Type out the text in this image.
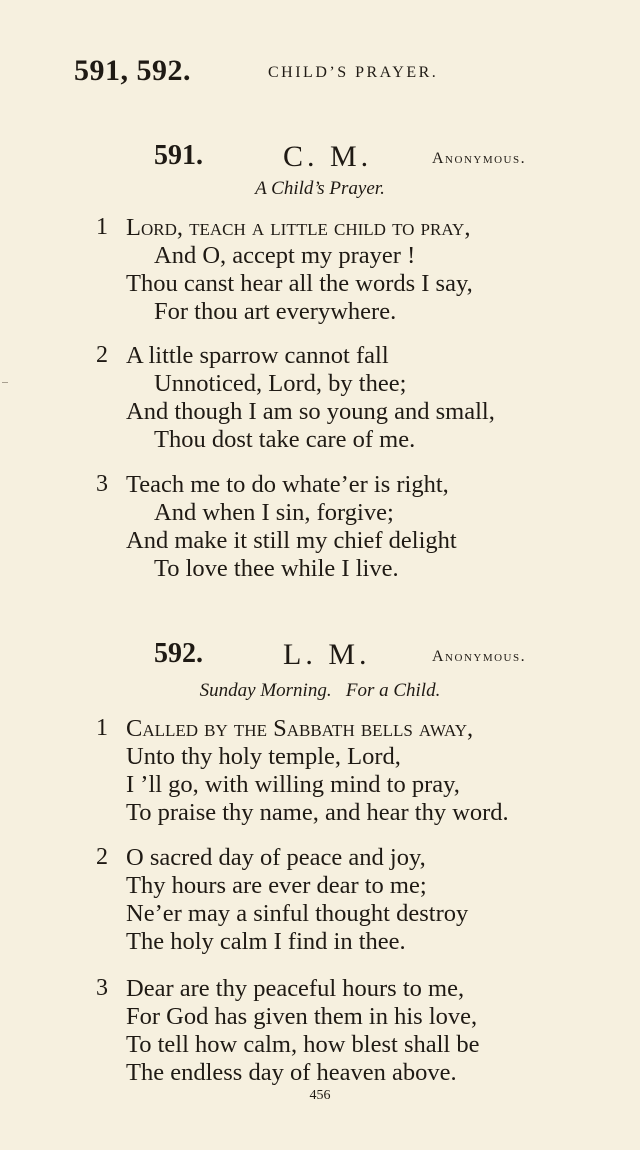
591, 592.	CHILD’S PRAYER.
591.	C. M.	Anonymous.
A Child’s Prayer.
1 Lord, teach a little child to pray,
And O, accept my prayer !
Thou canst hear all the words I say,
For thou art everywhere.
2 A little sparrow cannot fall
Unnoticed, Lord, by thee;
And though I am so young and small,
Thou dost take care of me.
3 Teach me to do whate’er is right,
And when I sin, forgive;
And make it still my chief delight
To love thee while I live.
592.	L. M.	Anonymous.
Sunday Morning.   For a Child.
1 Called by the Sabbath bells away,
Unto thy holy temple, Lord,
I ’ll go, with willing mind to pray,
To praise thy name, and hear thy word.
2 O sacred day of peace and joy,
Thy hours are ever dear to me;
Ne’er may a sinful thought destroy
The holy calm I find in thee.
3 Dear are thy peaceful hours to me,
For God has given them in his love,
To tell how calm, how blest shall be
The endless day of heaven above.
456
